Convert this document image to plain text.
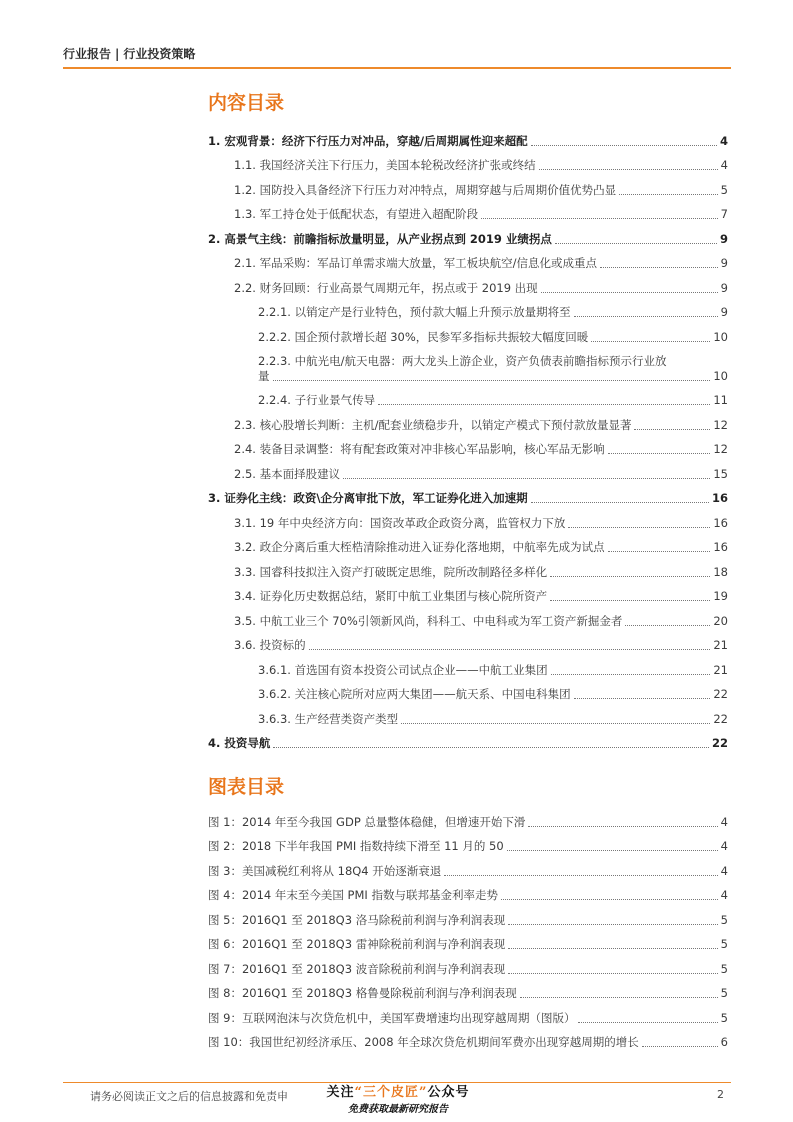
行业报告 | 行业投资策略
内容目录
1. 宏观背景：经济下行压力对冲品，穿越/后周期属性迎来超配	4
1.1. 我国经济关注下行压力，美国本轮税改经济扩张或终结	4
1.2. 国防投入具备经济下行压力对冲特点，周期穿越与后周期价值优势凸显	5
1.3. 军工持仓处于低配状态，有望进入超配阶段	7
2. 高景气主线：前瞻指标放量明显，从产业拐点到 2019 业绩拐点	9
2.1. 军品采购：军品订单需求端大放量，军工板块航空/信息化或成重点	9
2.2. 财务回顾：行业高景气周期元年，拐点或于 2019 出现	9
2.2.1. 以销定产是行业特色，预付款大幅上升预示放量期将至	9
2.2.2. 国企预付款增长超 30%，民参军多指标共振较大幅度回暖	10
2.2.3. 中航光电/航天电器：两大龙头上游企业，资产负债表前瞻指标预示行业放
量	10
2.2.4. 子行业景气传导	11
2.3. 核心股增长判断：主机/配套业绩稳步升，以销定产模式下预付款放量显著	12
2.4. 装备目录调整：将有配套政策对冲非核心军品影响，核心军品无影响	12
2.5. 基本面择股建议	15
3. 证券化主线：政资\企分离审批下放，军工证券化进入加速期	16
3.1. 19 年中央经济方向：国资改革政企政资分离，监管权力下放	16
3.2. 政企分离后重大桎梏清除推动进入证券化落地期，中航率先成为试点	16
3.3. 国睿科技拟注入资产打破既定思维，院所改制路径多样化	18
3.4. 证券化历史数据总结，紧盯中航工业集团与核心院所资产	19
3.5. 中航工业三个 70%引领新风尚，科科工、中电科或为军工资产新掘金者	20
3.6. 投资标的	21
3.6.1. 首选国有资本投资公司试点企业——中航工业集团	21
3.6.2. 关注核心院所对应两大集团——航天系、中国电科集团	22
3.6.3. 生产经营类资产类型	22
4. 投资导航	22
图表目录
图 1：2014 年至今我国 GDP 总量整体稳健，但增速开始下滑	4
图 2：2018 下半年我国 PMI 指数持续下滑至 11 月的 50	4
图 3：美国减税红利将从 18Q4 开始逐渐衰退	4
图 4：2014 年末至今美国 PMI 指数与联邦基金利率走势	4
图 5：2016Q1 至 2018Q3 洛马除税前利润与净利润表现	5
图 6：2016Q1 至 2018Q3 雷神除税前利润与净利润表现	5
图 7：2016Q1 至 2018Q3 波音除税前利润与净利润表现	5
图 8：2016Q1 至 2018Q3 格鲁曼除税前利润与净利润表现	5
图 9：互联网泡沫与次贷危机中，美国军费增速均出现穿越周期（图版）	5
图 10：我国世纪初经济承压、2008 年全球次贷危机期间军费亦出现穿越周期的增长	6
请务必阅读正文之后的信息披露和免责申	关注“三个皮匠”公众号
免费获取最新研究报告
2
